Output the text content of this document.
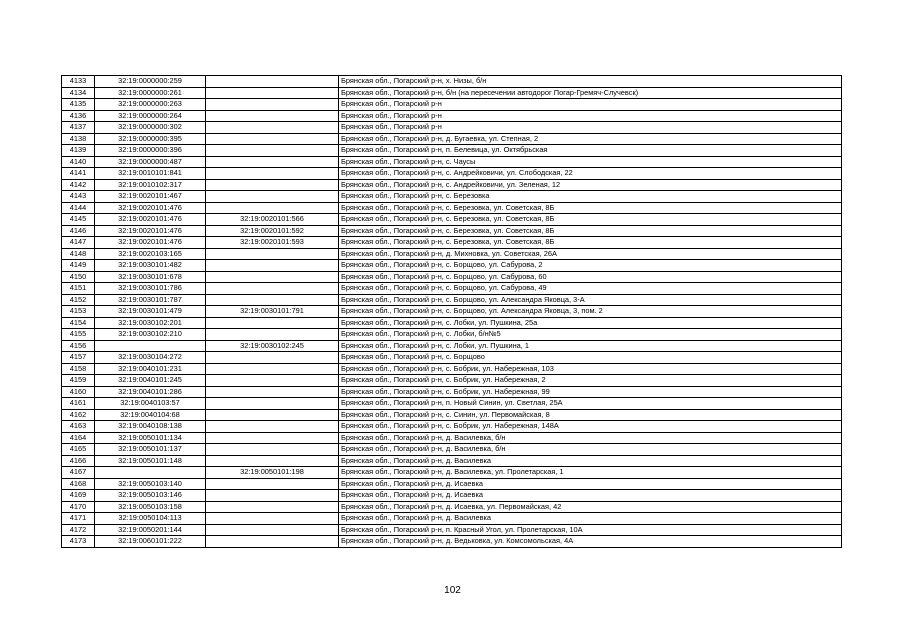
4133	32:19:0000000:259		Брянская обл., Погарский р-н, х. Низы, б/н
4134	32:19:0000000:261		Брянская обл., Погарский р-н, б/н (на пересечении автодорог Погар-Гремяч-Случевск)
4135	32:19:0000000:263		Брянская обл., Погарский р-н
4136	32:19:0000000:264		Брянская обл., Погарский р-н
4137	32:19:0000000:302		Брянская обл., Погарский р-н
4138	32:19:0000000:395		Брянская обл., Погарский р-н, д. Бугаевка, ул. Степная, 2
4139	32:19:0000000:396		Брянская обл., Погарский р-н, п. Белевица, ул. Октябрьская
4140	32:19:0000000:487		Брянская обл., Погарский р-н, с. Чаусы
4141	32:19:0010101:841		Брянская обл., Погарский р-н, с. Андрейковичи, ул. Слободская, 22
4142	32:19:0010102:317		Брянская обл., Погарский р-н, с. Андрейковичи, ул. Зеленая, 12
4143	32:19:0020101:467		Брянская обл., Погарский р-н, с. Березовка
4144	32:19:0020101:476		Брянская обл., Погарский р-н, с. Березовка, ул. Советская, 8Б
4145	32:19:0020101:476	32:19:0020101:566	Брянская обл., Погарский р-н, с. Березовка, ул. Советская, 8Б
4146	32:19:0020101:476	32:19:0020101:592	Брянская обл., Погарский р-н, с. Березовка, ул. Советская, 8Б
4147	32:19:0020101:476	32:19:0020101:593	Брянская обл., Погарский р-н, с. Березовка, ул. Советская, 8Б
4148	32:19:0020103:165		Брянская обл., Погарский р-н, д. Михновка, ул. Советская, 26А
4149	32:19:0030101:482		Брянская обл., Погарский р-н, с. Борщово, ул. Сабурова, 2
4150	32:19:0030101:678		Брянская обл., Погарский р-н, с. Борщово, ул. Сабурова, 60
4151	32:19:0030101:786		Брянская обл., Погарский р-н, с. Борщово, ул. Сабурова, 49
4152	32:19:0030101:787		Брянская обл., Погарский р-н, с. Борщово, ул. Александра Яковца, 3-А
4153	32:19:0030101:479	32:19:0030101:791	Брянская обл., Погарский р-н, с. Борщово, ул. Александра Яковца, 3, пом. 2
4154	32:19:0030102:201		Брянская обл., Погарский р-н, с. Лобки, ул. Пушкина, 25а
4155	32:19:0030102:210		Брянская обл., Погарский р-н, с. Лобки, б/н№5
4156		32:19:0030102:245	Брянская обл., Погарский р-н, с. Лобки, ул. Пушкина, 1
4157	32:19:0030104:272		Брянская обл., Погарский р-н, с. Борщово
4158	32:19:0040101:231		Брянская обл., Погарский р-н, с. Бобрик, ул. Набережная, 103
4159	32:19:0040101:245		Брянская обл., Погарский р-н, с. Бобрик, ул. Набережная, 2
4160	32:19:0040101:286		Брянская обл., Погарский р-н, с. Бобрик, ул. Набережная, 99
4161	32:19:0040103:57		Брянская обл., Погарский р-н, п. Новый Синин, ул. Светлая, 25А
4162	32:19:0040104:68		Брянская обл., Погарский р-н, с. Синин, ул. Первомайская, 8
4163	32:19:0040108:138		Брянская обл., Погарский р-н, с. Бобрик, ул. Набережная, 148А
4164	32:19:0050101:134		Брянская обл., Погарский р-н, д. Василевка, б/н
4165	32:19:0050101:137		Брянская обл., Погарский р-н, д. Василевка, б/н
4166	32:19:0050101:148		Брянская обл., Погарский р-н, д. Василевка
4167		32:19:0050101:198	Брянская обл., Погарский р-н, д. Василевка, ул. Пролетарская, 1
4168	32:19:0050103:140		Брянская обл., Погарский р-н, д. Исаевка
4169	32:19:0050103:146		Брянская обл., Погарский р-н, д. Исаевка
4170	32:19:0050103:158		Брянская обл., Погарский р-н, д. Исаевка, ул. Первомайская, 42
4171	32:19:0050104:113		Брянская обл., Погарский р-н, д. Василевка
4172	32:19:0050201:144		Брянская обл., Погарский р-н, п. Красный Угол, ул. Пролетарская, 10А
4173	32:19:0060101:222		Брянская обл., Погарский р-н, д. Ведьковка, ул. Комсомольская, 4А
102
